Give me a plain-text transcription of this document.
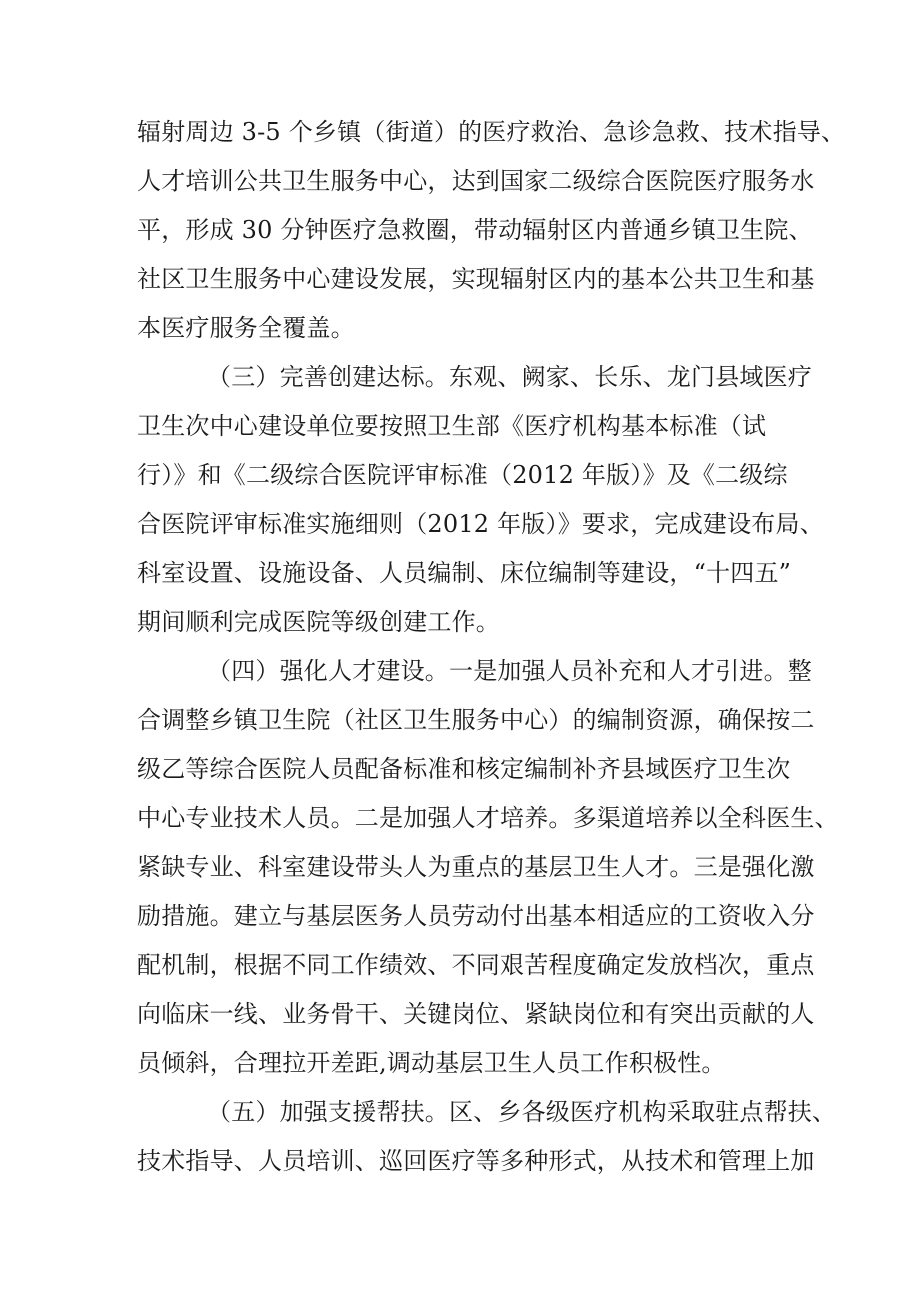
辐射周边 3-5 个乡镇（街道）的医疗救治、急诊急救、技术指导、
人才培训公共卫生服务中心，达到国家二级综合医院医疗服务水
平，形成 30 分钟医疗急救圈，带动辐射区内普通乡镇卫生院、
社区卫生服务中心建设发展，实现辐射区内的基本公共卫生和基
本医疗服务全覆盖。
（三）完善创建达标。东观、阙家、长乐、龙门县域医疗
卫生次中心建设单位要按照卫生部《医疗机构基本标准（试
行）》和《二级综合医院评审标准（2012 年版）》及《二级综
合医院评审标准实施细则（2012 年版）》要求，完成建设布局、
科室设置、设施设备、人员编制、床位编制等建设，“十四五”
期间顺利完成医院等级创建工作。
（四）强化人才建设。一是加强人员补充和人才引进。整
合调整乡镇卫生院（社区卫生服务中心）的编制资源，确保按二
级乙等综合医院人员配备标准和核定编制补齐县域医疗卫生次
中心专业技术人员。二是加强人才培养。多渠道培养以全科医生、
紧缺专业、科室建设带头人为重点的基层卫生人才。三是强化激
励措施。建立与基层医务人员劳动付出基本相适应的工资收入分
配机制，根据不同工作绩效、不同艰苦程度确定发放档次，重点
向临床一线、业务骨干、关键岗位、紧缺岗位和有突出贡献的人
员倾斜，合理拉开差距,调动基层卫生人员工作积极性。
（五）加强支援帮扶。区、乡各级医疗机构采取驻点帮扶、
技术指导、人员培训、巡回医疗等多种形式，从技术和管理上加
